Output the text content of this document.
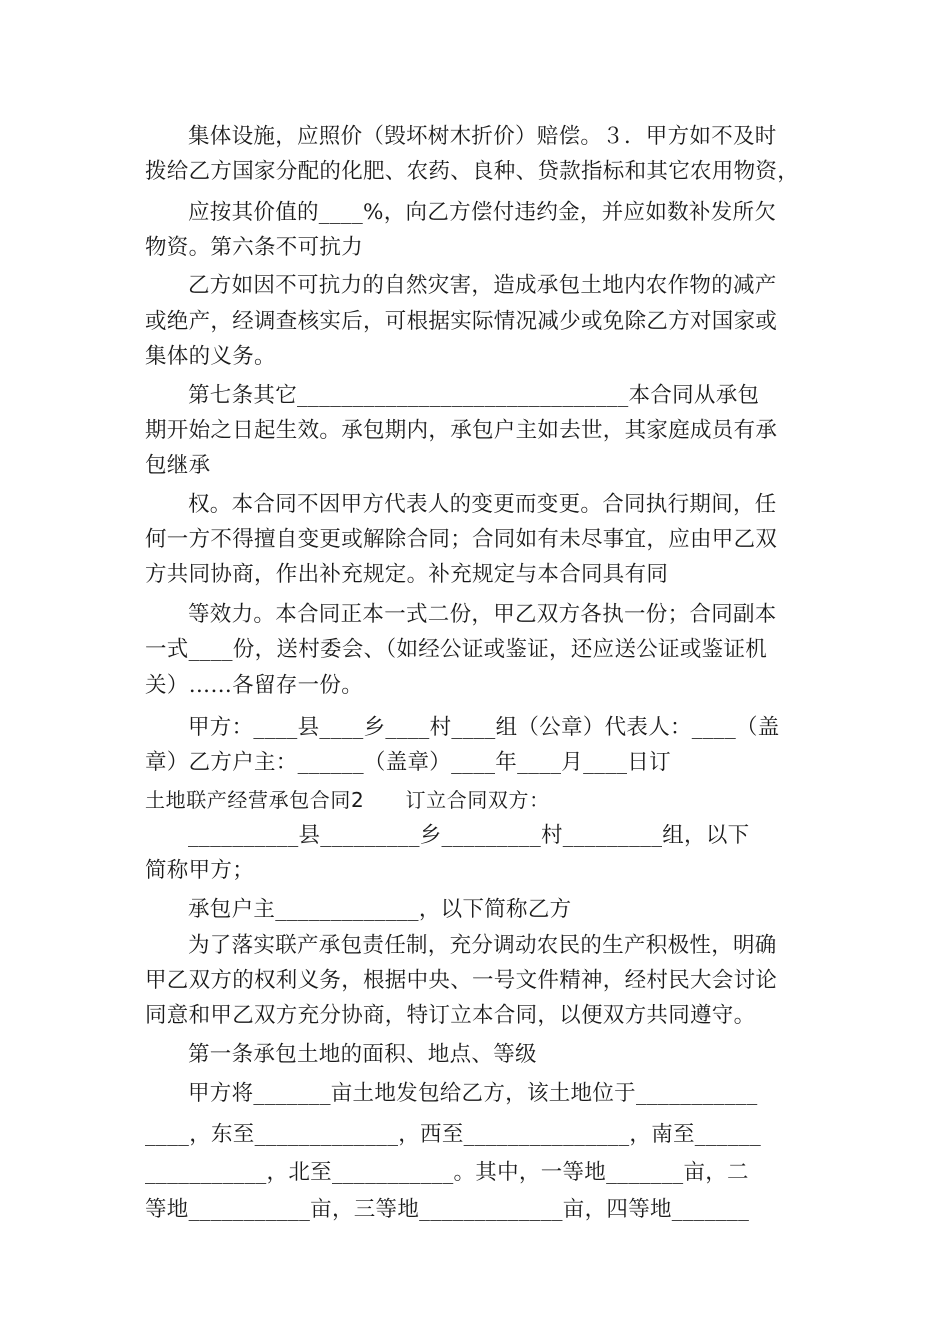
集体设施，应照价（毁坏树木折价）赔偿。３．甲方如不及时
拨给乙方国家分配的化肥、农药、良种、贷款指标和其它农用物资，
应按其价值的____%，向乙方偿付违约金，并应如数补发所欠
物资。第六条不可抗力
乙方如因不可抗力的自然灾害，造成承包土地内农作物的减产
或绝产，经调查核实后，可根据实际情况减少或免除乙方对国家或
集体的义务。
第七条其它______________________________本合同从承包
期开始之日起生效。承包期内，承包户主如去世，其家庭成员有承
包继承
权。本合同不因甲方代表人的变更而变更。合同执行期间，任
何一方不得擅自变更或解除合同；合同如有未尽事宜，应由甲乙双
方共同协商，作出补充规定。补充规定与本合同具有同
等效力。本合同正本一式二份，甲乙双方各执一份；合同副本
一式____份，送村委会、（如经公证或鉴证，还应送公证或鉴证机
关）……各留存一份。
甲方：____县____乡____村____组（公章）代表人：____（盖
章）乙方户主：______（盖章）____年____月____日订
土地联产经营承包合同2　　订立合同双方：
__________县_________乡_________村_________组，以下
简称甲方；
承包户主_____________，以下简称乙方
为了落实联产承包责任制，充分调动农民的生产积极性，明确
甲乙双方的权利义务，根据中央、一号文件精神，经村民大会讨论
同意和甲乙双方充分协商，特订立本合同，以便双方共同遵守。
第一条承包土地的面积、地点、等级
甲方将_______亩土地发包给乙方，该土地位于___________
____，东至_____________，西至_______________，南至______
___________，北至___________。其中，一等地_______亩，二
等地___________亩，三等地_____________亩，四等地_______
